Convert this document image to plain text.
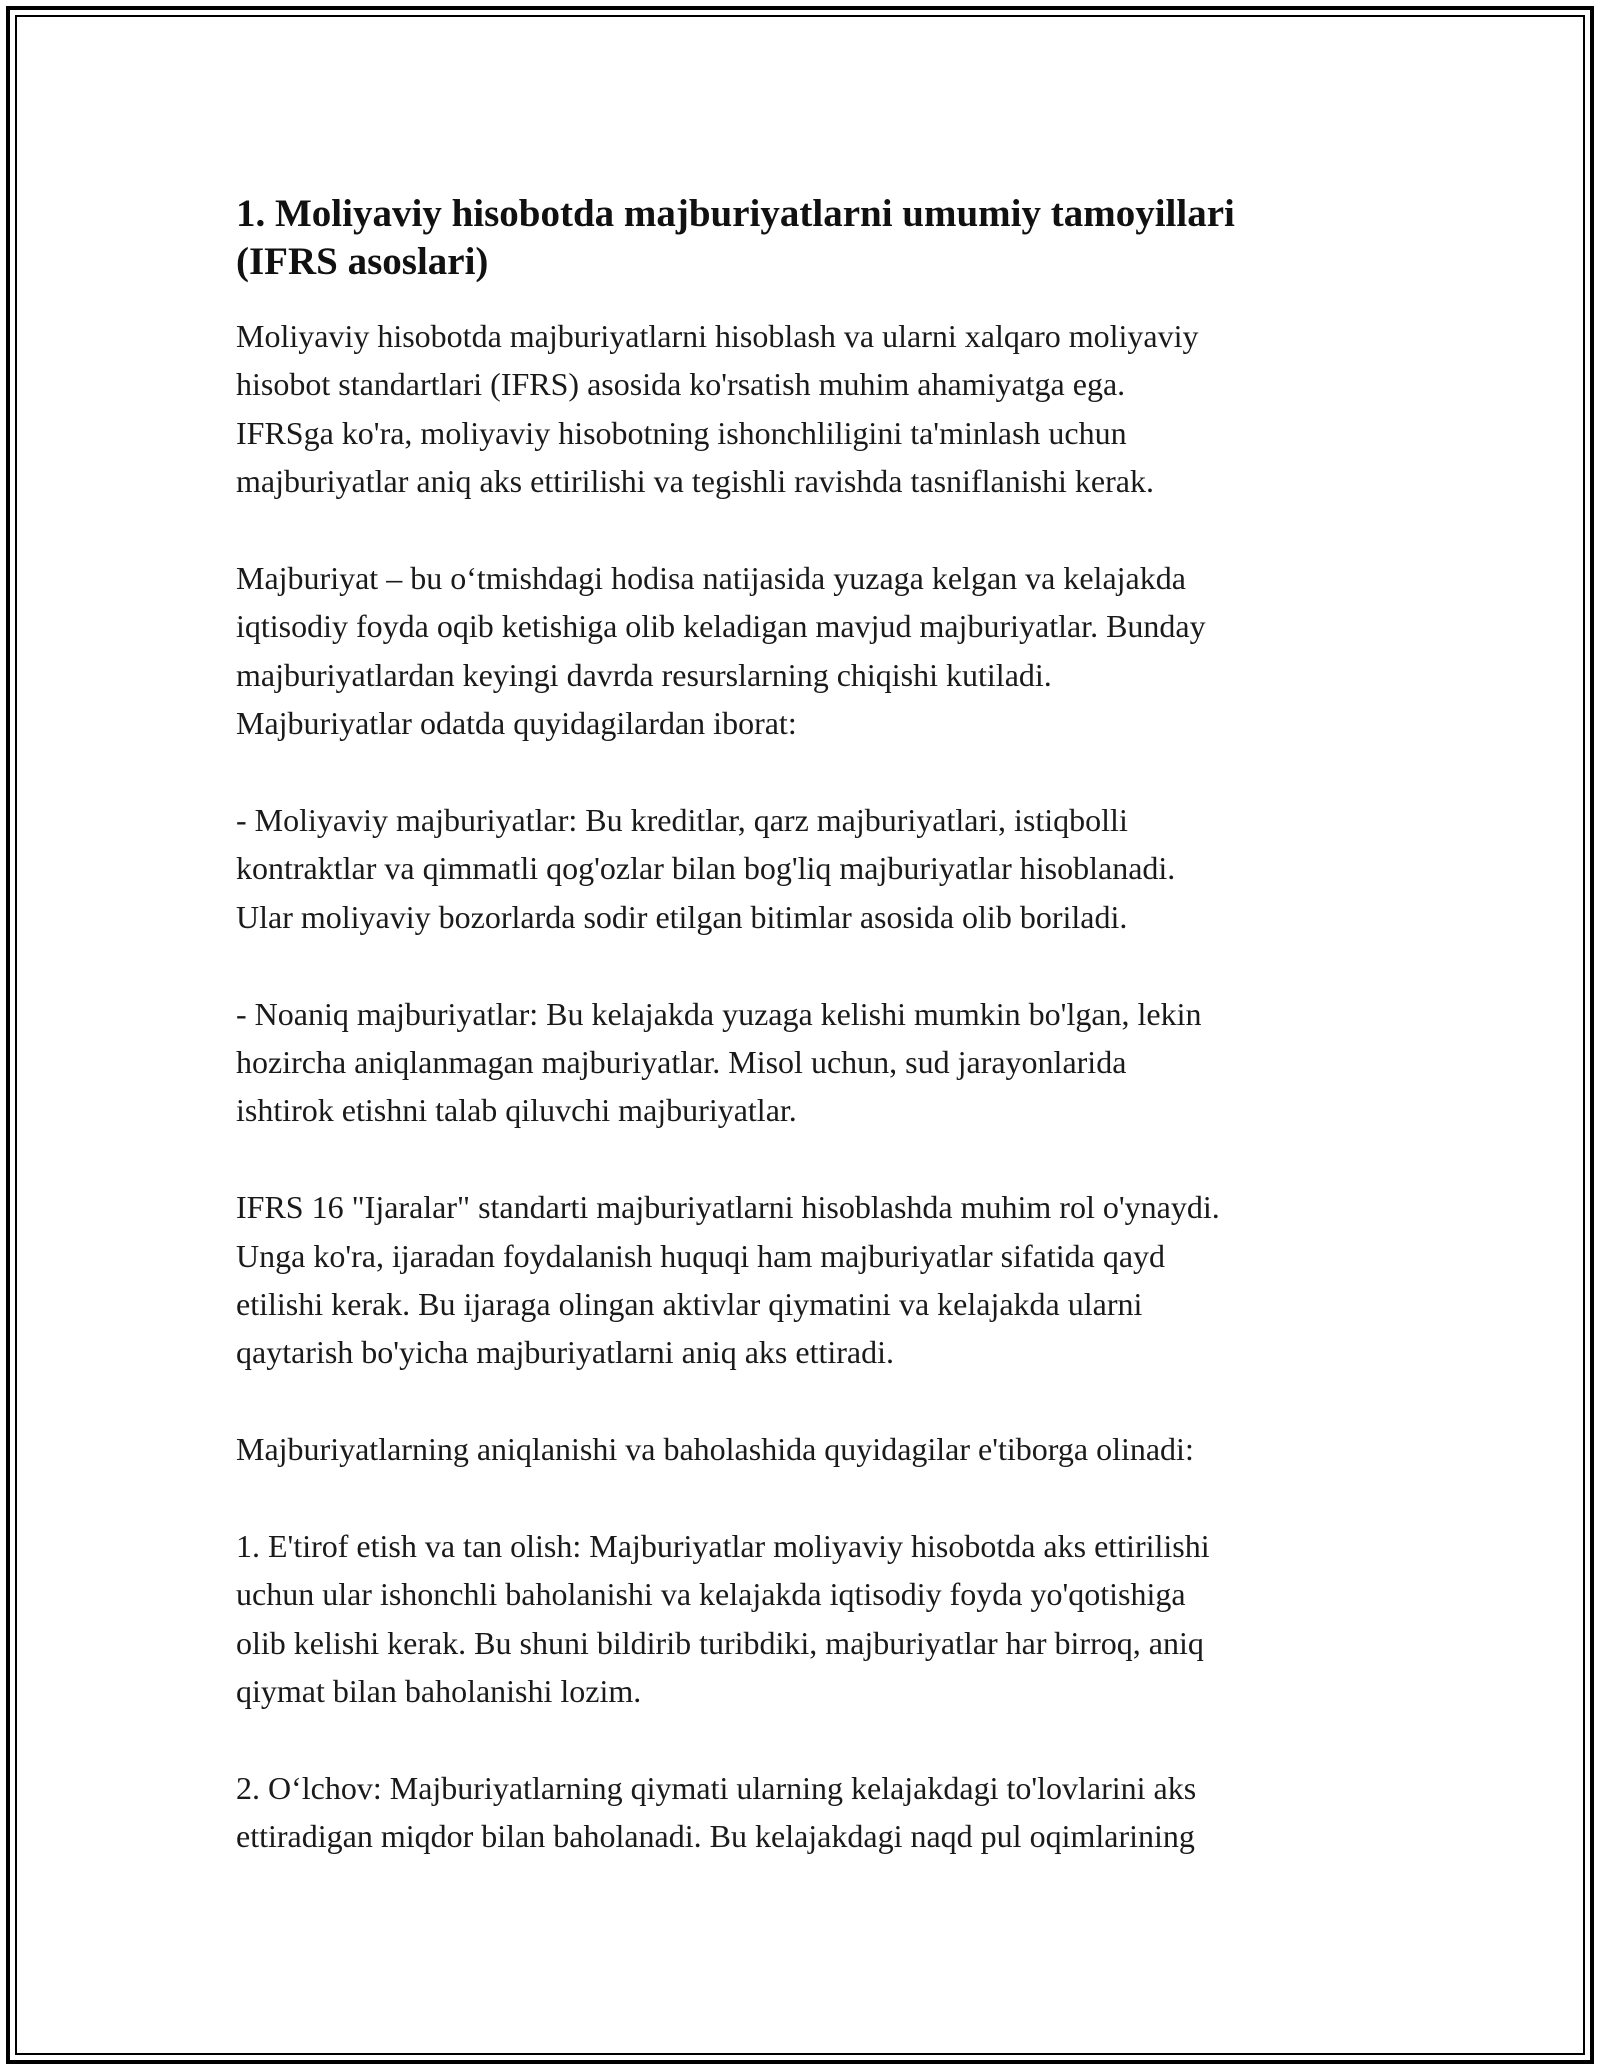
1. Moliyaviy hisobotda majburiyatlarni umumiy tamoyillari
(IFRS asoslari)

Moliyaviy hisobotda majburiyatlarni hisoblash va ularni xalqaro moliyaviy
hisobot standartlari (IFRS) asosida ko'rsatish muhim ahamiyatga ega.
IFRSga ko'ra, moliyaviy hisobotning ishonchliligini ta'minlash uchun
majburiyatlar aniq aks ettirilishi va tegishli ravishda tasniflanishi kerak.

Majburiyat – bu o‘tmishdagi hodisa natijasida yuzaga kelgan va kelajakda
iqtisodiy foyda oqib ketishiga olib keladigan mavjud majburiyatlar. Bunday
majburiyatlardan keyingi davrda resurslarning chiqishi kutiladi.
Majburiyatlar odatda quyidagilardan iborat:

- Moliyaviy majburiyatlar: Bu kreditlar, qarz majburiyatlari, istiqbolli
kontraktlar va qimmatli qog'ozlar bilan bog'liq majburiyatlar hisoblanadi.
Ular moliyaviy bozorlarda sodir etilgan bitimlar asosida olib boriladi.

- Noaniq majburiyatlar: Bu kelajakda yuzaga kelishi mumkin bo'lgan, lekin
hozircha aniqlanmagan majburiyatlar. Misol uchun, sud jarayonlarida
ishtirok etishni talab qiluvchi majburiyatlar.

IFRS 16 "Ijaralar" standarti majburiyatlarni hisoblashda muhim rol o'ynaydi.
Unga ko'ra, ijaradan foydalanish huquqi ham majburiyatlar sifatida qayd
etilishi kerak. Bu ijaraga olingan aktivlar qiymatini va kelajakda ularni
qaytarish bo'yicha majburiyatlarni aniq aks ettiradi.

Majburiyatlarning aniqlanishi va baholashida quyidagilar e'tiborga olinadi:

1. E'tirof etish va tan olish: Majburiyatlar moliyaviy hisobotda aks ettirilishi
uchun ular ishonchli baholanishi va kelajakda iqtisodiy foyda yo'qotishiga
olib kelishi kerak. Bu shuni bildirib turibdiki, majburiyatlar har birroq, aniq
qiymat bilan baholanishi lozim.

2. O‘lchov: Majburiyatlarning qiymati ularning kelajakdagi to'lovlarini aks
ettiradigan miqdor bilan baholanadi. Bu kelajakdagi naqd pul oqimlarining
